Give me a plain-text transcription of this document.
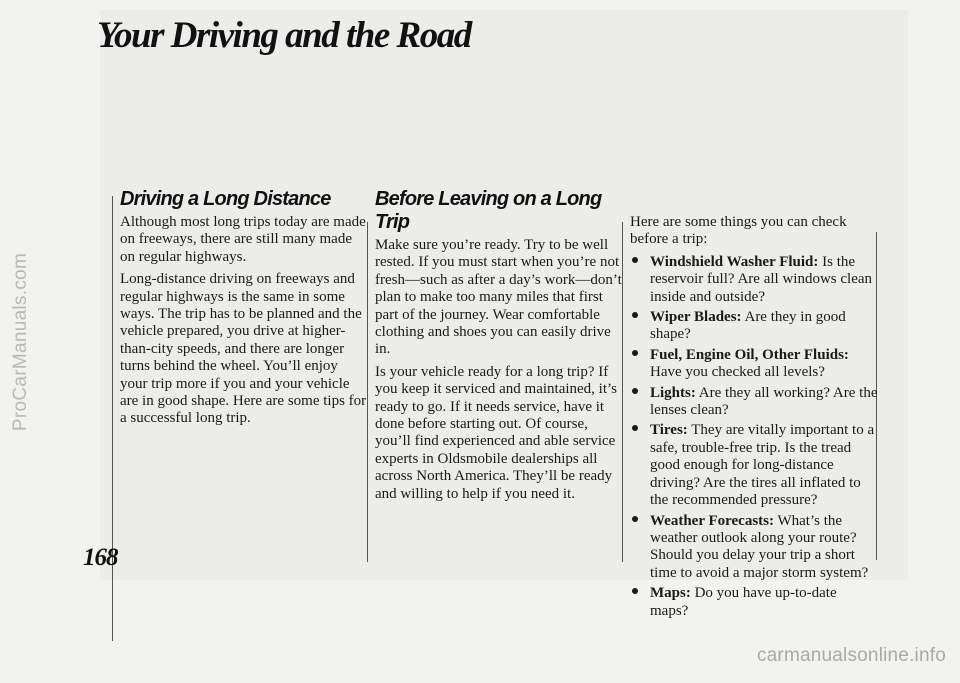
ProCarManuals.com
Your Driving and the Road
168
Driving a Long Distance

Although most long trips today are made on freeways, there are still many made on regular highways.

Long-distance driving on freeways and regular highways is the same in some ways. The trip has to be planned and the vehicle prepared, you drive at higher-than-city speeds, and there are longer turns behind the wheel. You’ll enjoy your trip more if you and your vehicle are in good shape. Here are some tips for a successful long trip.

Before Leaving on a Long Trip

Make sure you’re ready. Try to be well rested. If you must start when you’re not fresh—such as after a day’s work—don’t plan to make too many miles that first part of the journey. Wear comfortable clothing and shoes you can easily drive in.

Is your vehicle ready for a long trip? If you keep it serviced and maintained, it’s ready to go. If it needs service, have it done before starting out. Of course, you’ll find experienced and able service experts in Oldsmobile dealerships all across North America. They’ll be ready and willing to help if you need it.

Here are some things you can check before a trip:

Windshield Washer Fluid: Is the reservoir full? Are all windows clean inside and outside?
Wiper Blades: Are they in good shape?
Fuel, Engine Oil, Other Fluids: Have you checked all levels?
Lights: Are they all working? Are the lenses clean?
Tires: They are vitally important to a safe, trouble-free trip. Is the tread good enough for long-distance driving? Are the tires all inflated to the recommended pressure?
Weather Forecasts: What’s the weather outlook along your route? Should you delay your trip a short time to avoid a major storm system?
Maps: Do you have up-to-date maps?
carmanualsonline.info
